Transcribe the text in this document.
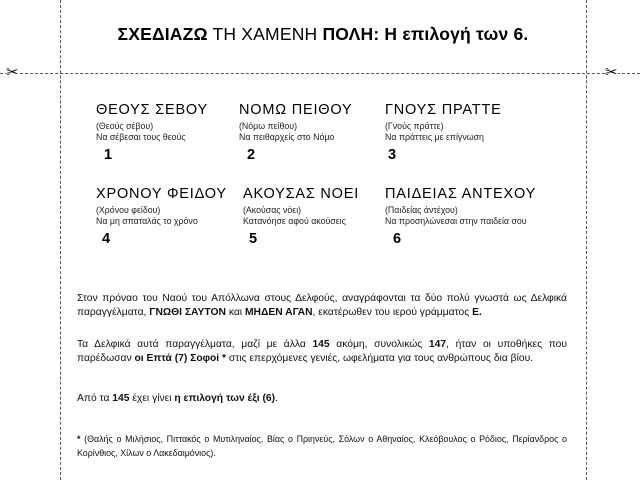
✂	✂
ΣΧΕΔΙΑΖΩ ΤΗ ΧΑΜΕΝΗ ΠΟΛΗ: Η επιλογή των 6.
ΘΕΟΥΣ ΣΕΒΟΥ
(Θεούς σέβου)
Να σέβεσαι τους θεούς
1
ΝΟΜΩ ΠΕΙΘΟΥ
(Νόμω πείθου)
Να πειθαρχείς στο Νόμο
2
ΓΝΟΥΣ ΠΡΑΤΤΕ
(Γνούς πράττε)
Να πράττεις με επίγνωση
3
ΧΡΟΝΟΥ ΦΕΙΔΟΥ
(Χρόνου φείδου)
Να μη σπαταλάς το χρόνο
4
ΑΚΟΥΣΑΣ ΝΟΕΙ
(Ακούσας νόει)
Κατανόησε αφού ακούσεις
5
ΠΑΙΔΕΙΑΣ ΑΝΤΕΧΟΥ
(Παιδείας άντέχου)
Να προσηλώνεσαι στην παιδεία σου
6
Στον πρόναο του Ναού του Απόλλωνα στους Δελφούς, αναγράφονται τα δύο πολύ γνωστά ως Δελφικά παραγγέλματα, ΓΝΩΘΙ ΣΑΥΤΟΝ και ΜΗΔΕΝ ΑΓΑΝ, εκατέρωθεν του ιερού γράμματος Ε.
Τα Δελφικά αυτά παραγγέλματα, μαζί με άλλα 145 ακόμη, συνολικώς 147, ήταν οι υποθήκες που παρέδωσαν οι Επτά (7) Σοφοί * στις επερχόμενες γενιές, ωφελήματα για τους ανθρώπους δια βίου.
Από τα 145 έχει γίνει η επιλογή των έξι (6).
* (Θαλής ο Μιλήσιος, Πιττακός ο Μυτιληναίος, Βίας ο Πριηνεύς, Σόλων ο Αθηναίος, Κλεόβουλος ο Ρόδιος, Περίανδρος ο Κορίνθιος, Χίλων ο Λακεδαιμόνιος).
